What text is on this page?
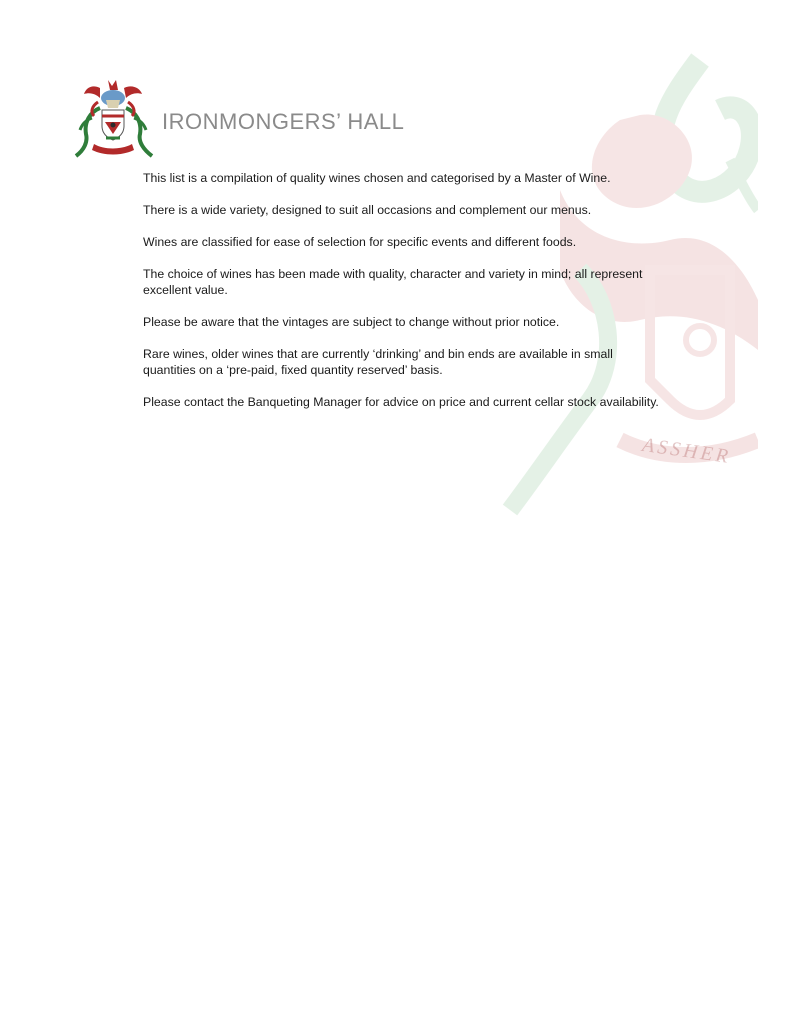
ASSHER
IRONMONGERS’ HALL

This list is a compilation of quality wines chosen and categorised by a Master of Wine.

There is a wide variety, designed to suit all occasions and complement our menus.

Wines are classified for ease of selection for specific events and different foods.

The choice of wines has been made with quality, character and variety in mind; all represent excellent value.

Please be aware that the vintages are subject to change without prior notice.

Rare wines, older wines that are currently ‘drinking’ and bin ends are available in small quantities on a ‘pre-paid, fixed quantity reserved’ basis.

Please contact the Banqueting Manager for advice on price and current cellar stock availability.
